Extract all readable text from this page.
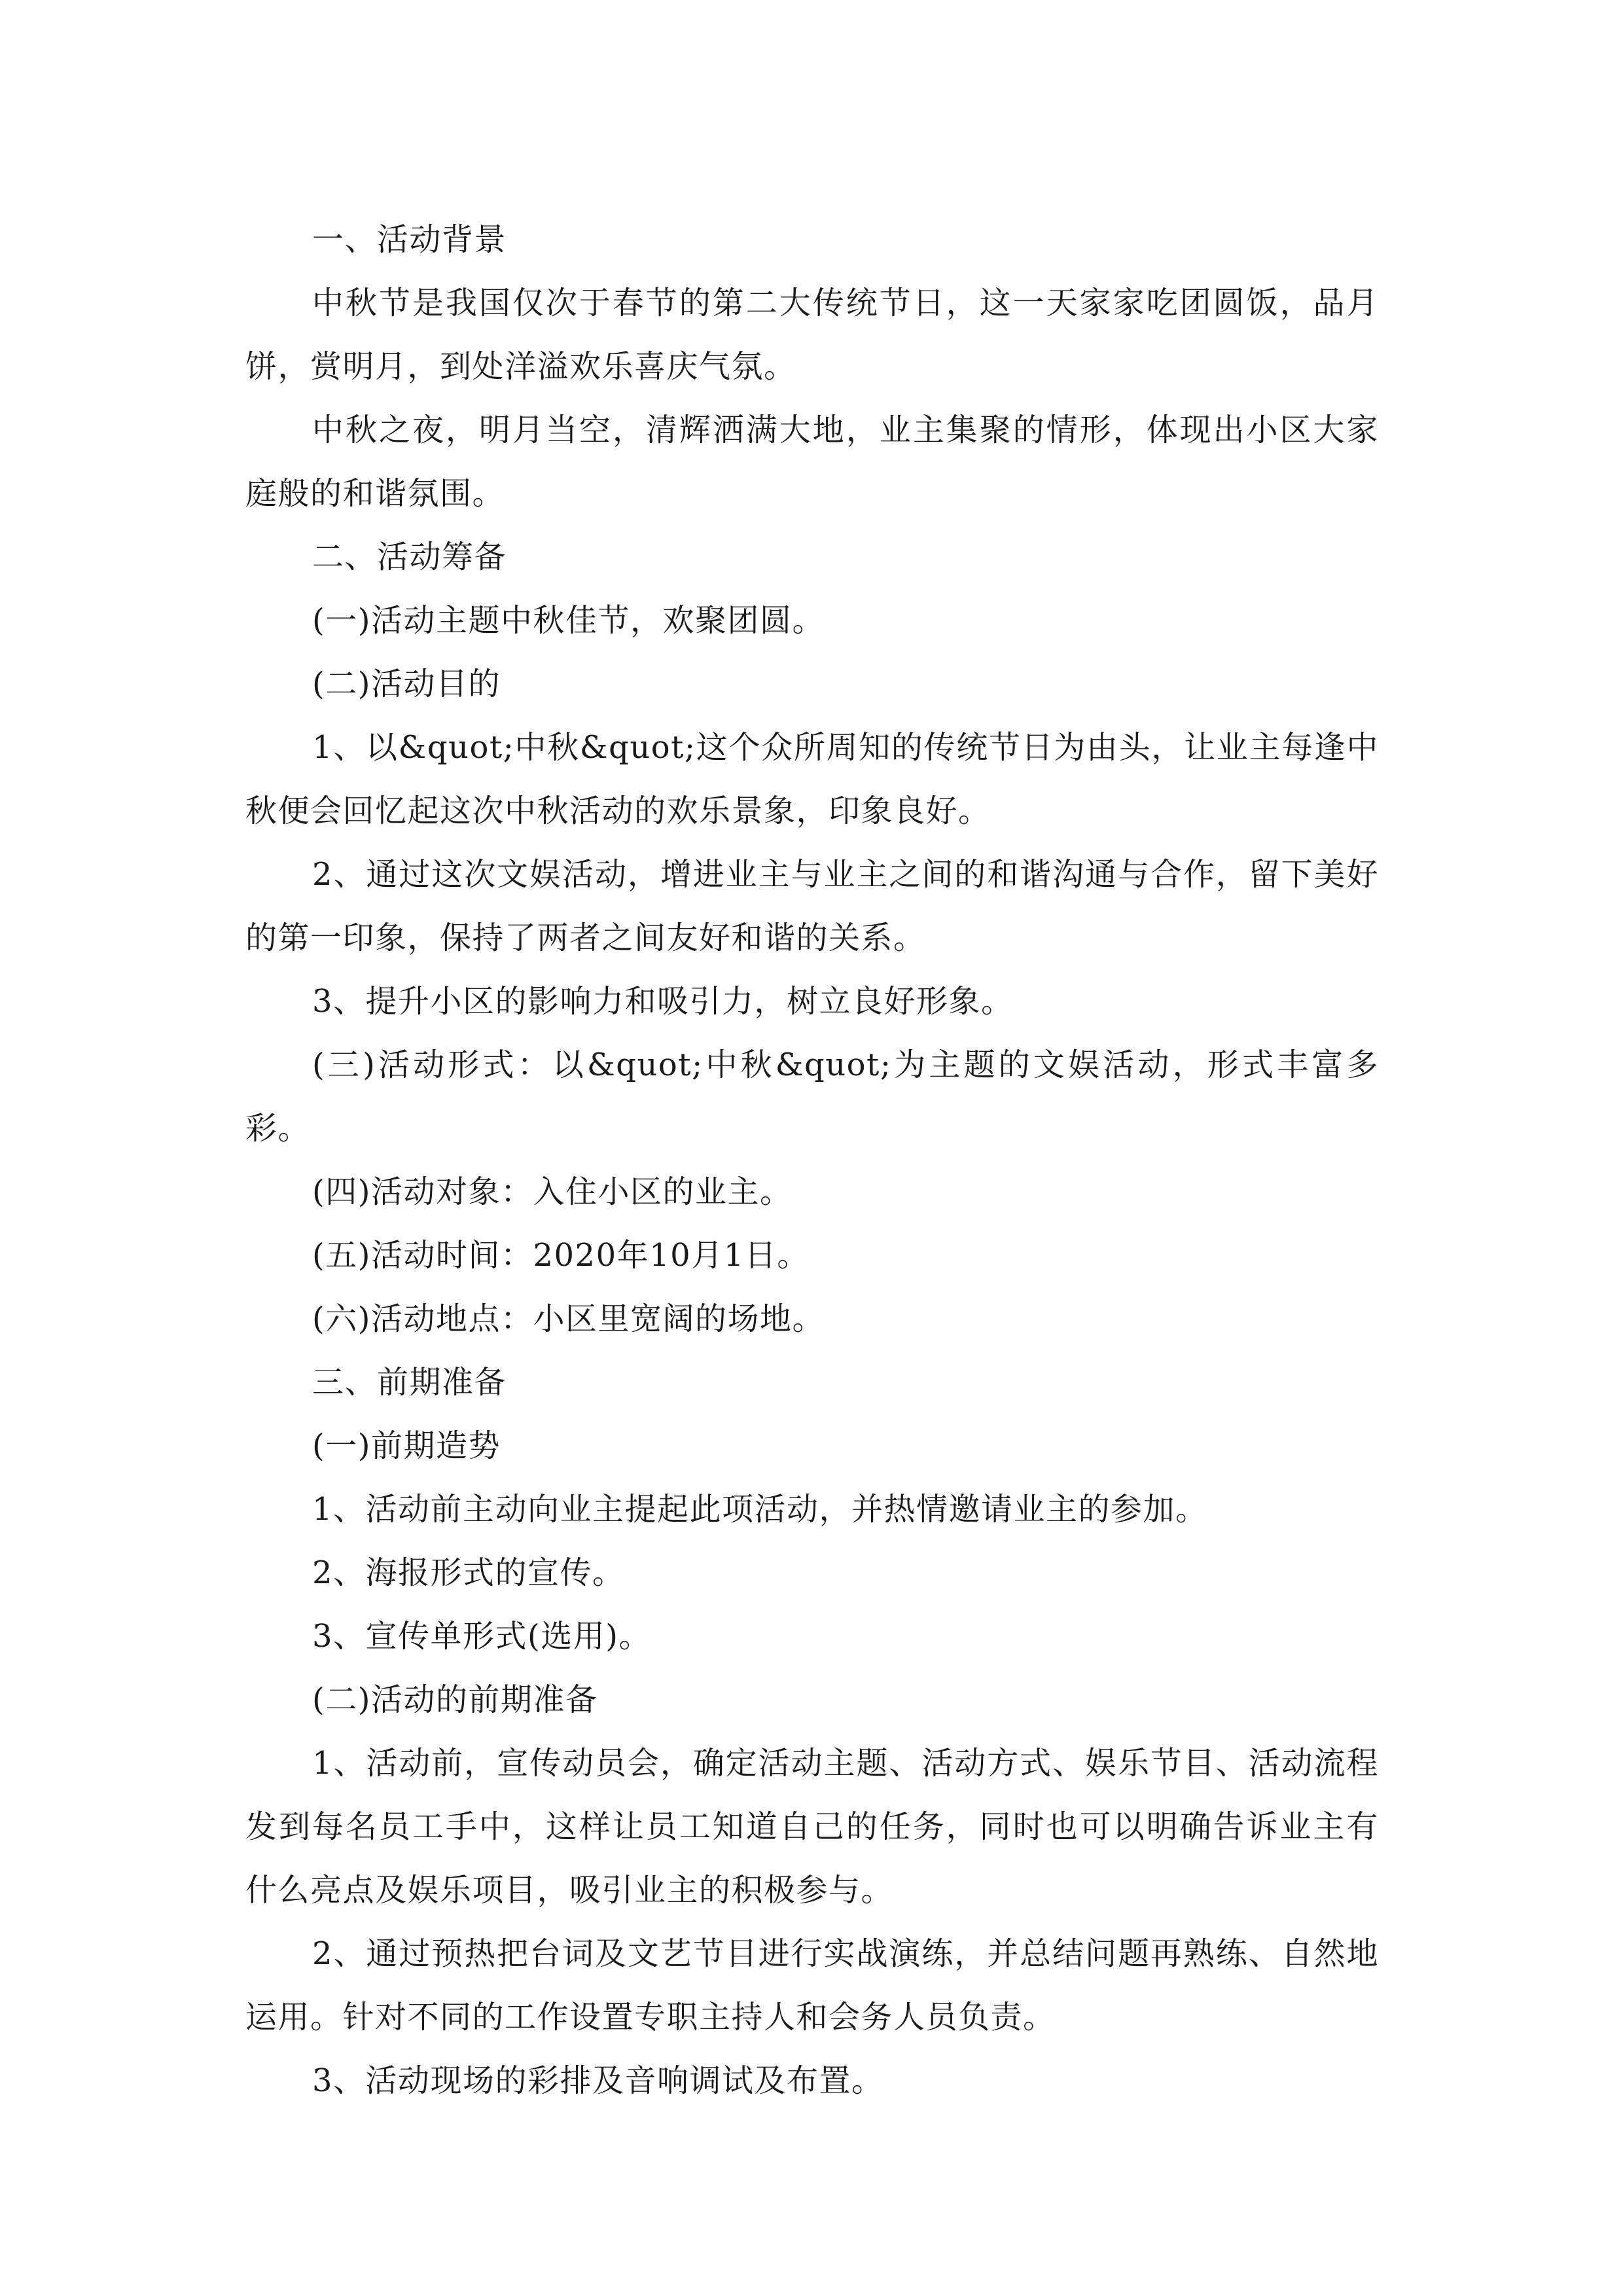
一、活动背景

中秋节是我国仅次于春节的第二大传统节日，这一天家家吃团圆饭，品月饼，赏明月，到处洋溢欢乐喜庆气氛。

中秋之夜，明月当空，清辉洒满大地，业主集聚的情形，体现出小区大家庭般的和谐氛围。

二、活动筹备

(一)活动主题中秋佳节，欢聚团圆。

(二)活动目的

1、以&quot;中秋&quot;这个众所周知的传统节日为由头，让业主每逢中秋便会回忆起这次中秋活动的欢乐景象，印象良好。

2、通过这次文娱活动，增进业主与业主之间的和谐沟通与合作，留下美好的第一印象，保持了两者之间友好和谐的关系。

3、提升小区的影响力和吸引力，树立良好形象。

(三)活动形式：以&quot;中秋&quot;为主题的文娱活动，形式丰富多彩。

(四)活动对象：入住小区的业主。

(五)活动时间：2020年10月1日。

(六)活动地点：小区里宽阔的场地。

三、前期准备

(一)前期造势

1、活动前主动向业主提起此项活动，并热情邀请业主的参加。

2、海报形式的宣传。

3、宣传单形式(选用)。

(二)活动的前期准备

1、活动前，宣传动员会，确定活动主题、活动方式、娱乐节目、活动流程发到每名员工手中，这样让员工知道自己的任务，同时也可以明确告诉业主有什么亮点及娱乐项目，吸引业主的积极参与。

2、通过预热把台词及文艺节目进行实战演练，并总结问题再熟练、自然地运用。针对不同的工作设置专职主持人和会务人员负责。

3、活动现场的彩排及音响调试及布置。
